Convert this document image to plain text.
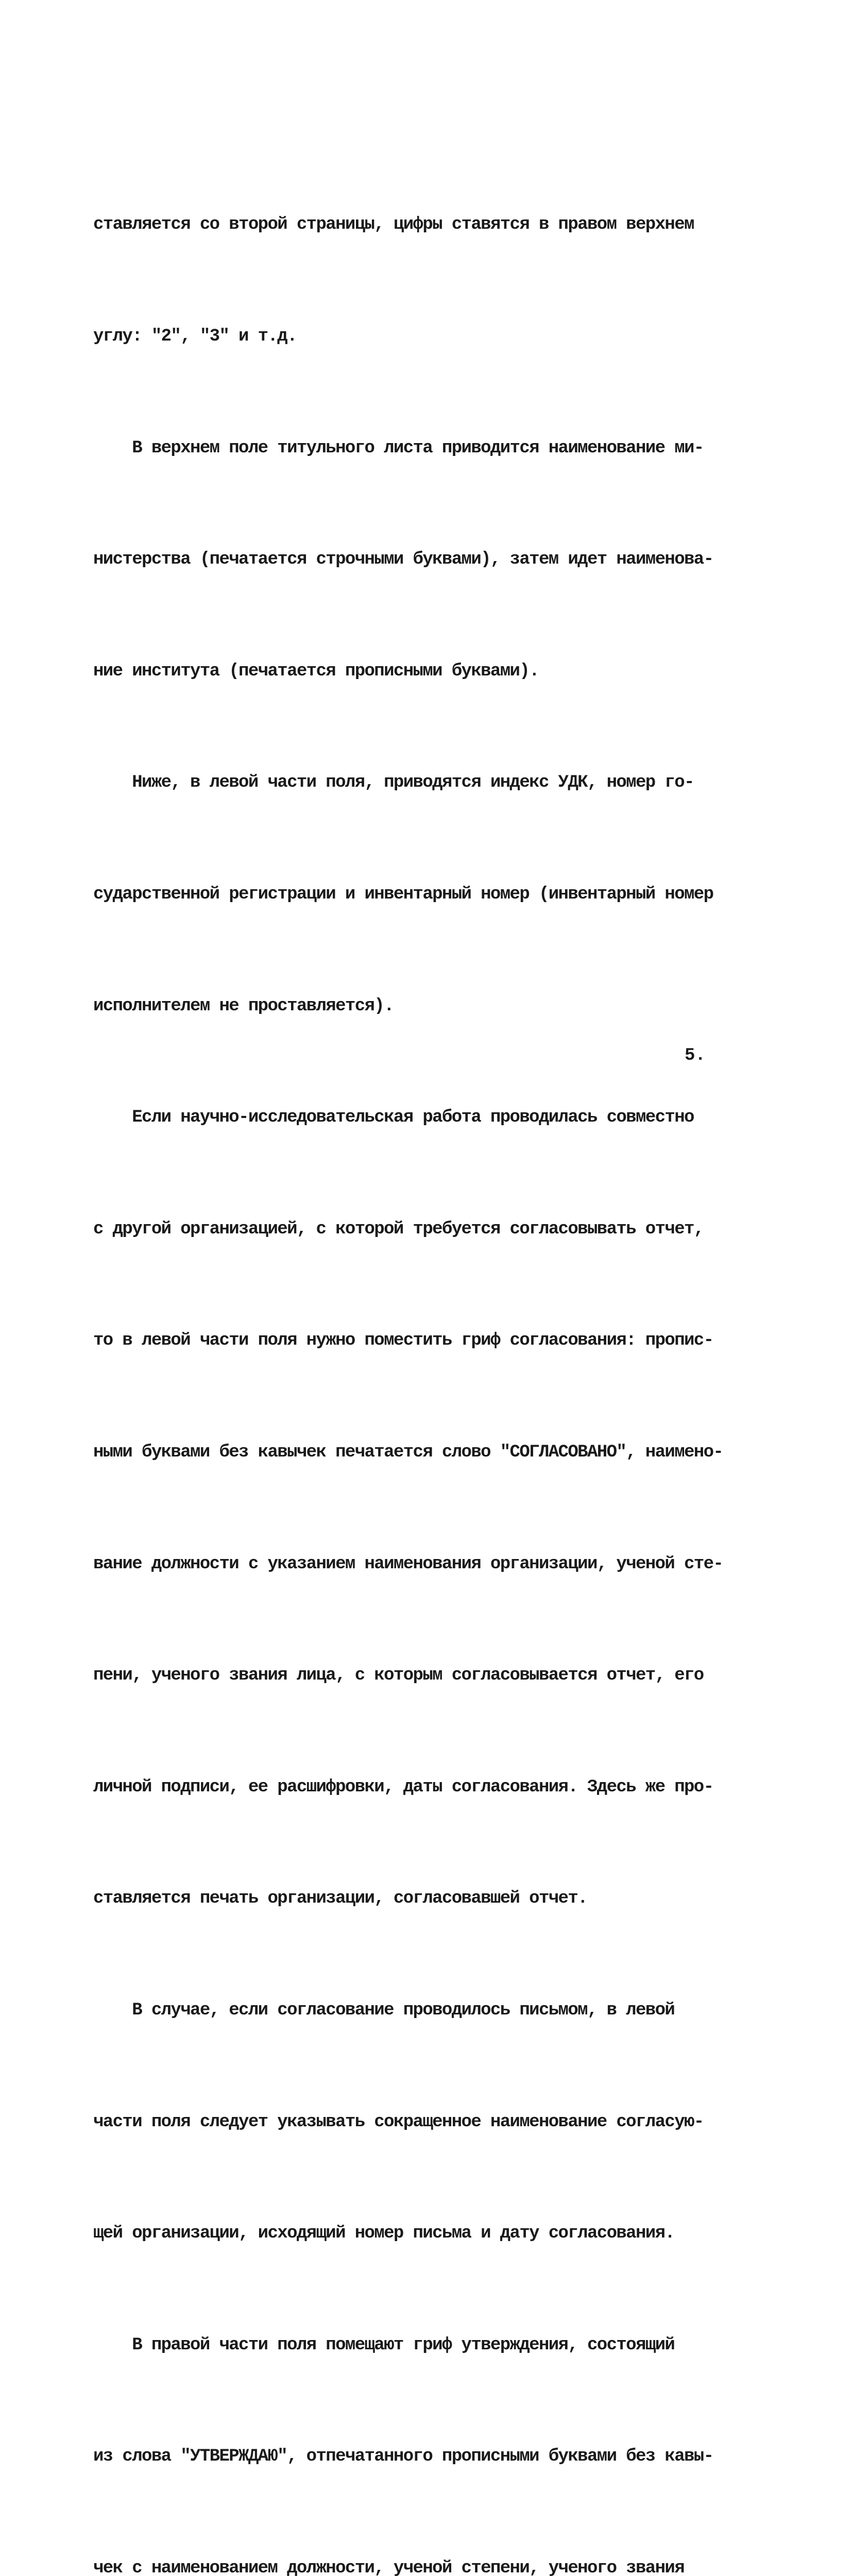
ставляется со второй страницы, цифры ставятся в правом верхнем

углу: "2", "3" и т.д.

В верхнем поле титульного листа приводится наименование ми-

нистерства (печатается строчными буквами), затем идет наименова-

ние института (печатается прописными буквами).

Ниже, в левой части поля, приводятся индекс УДК, номер го-

сударственной регистрации и инвентарный номер (инвентарный номер

исполнителем не проставляется).

Если научно-исследовательская работа проводилась совместно

с другой организацией, с которой требуется согласовывать отчет,

то в левой части поля нужно поместить гриф согласования: пропис-

ными буквами без кавычек печатается слово "СОГЛАСОВАНО", наимено-

вание должности с указанием наименования организации, ученой сте-

пени, ученого звания лица, с которым согласовывается отчет, его

личной подписи, ее расшифровки, даты согласования. Здесь же про-

ставляется печать организации, согласовавшей отчет.

В случае, если согласование проводилось письмом, в левой

части поля следует указывать сокращенное наименование согласую-

щей организации, исходящий номер письма и дату согласования.

В правой части поля помещают гриф утверждения, состоящий

из слова "УТВЕРЖДАЮ", отпечатанного прописными буквами без кавы-

чек с наименованием должности, ученой степени, ученого звания

5.
